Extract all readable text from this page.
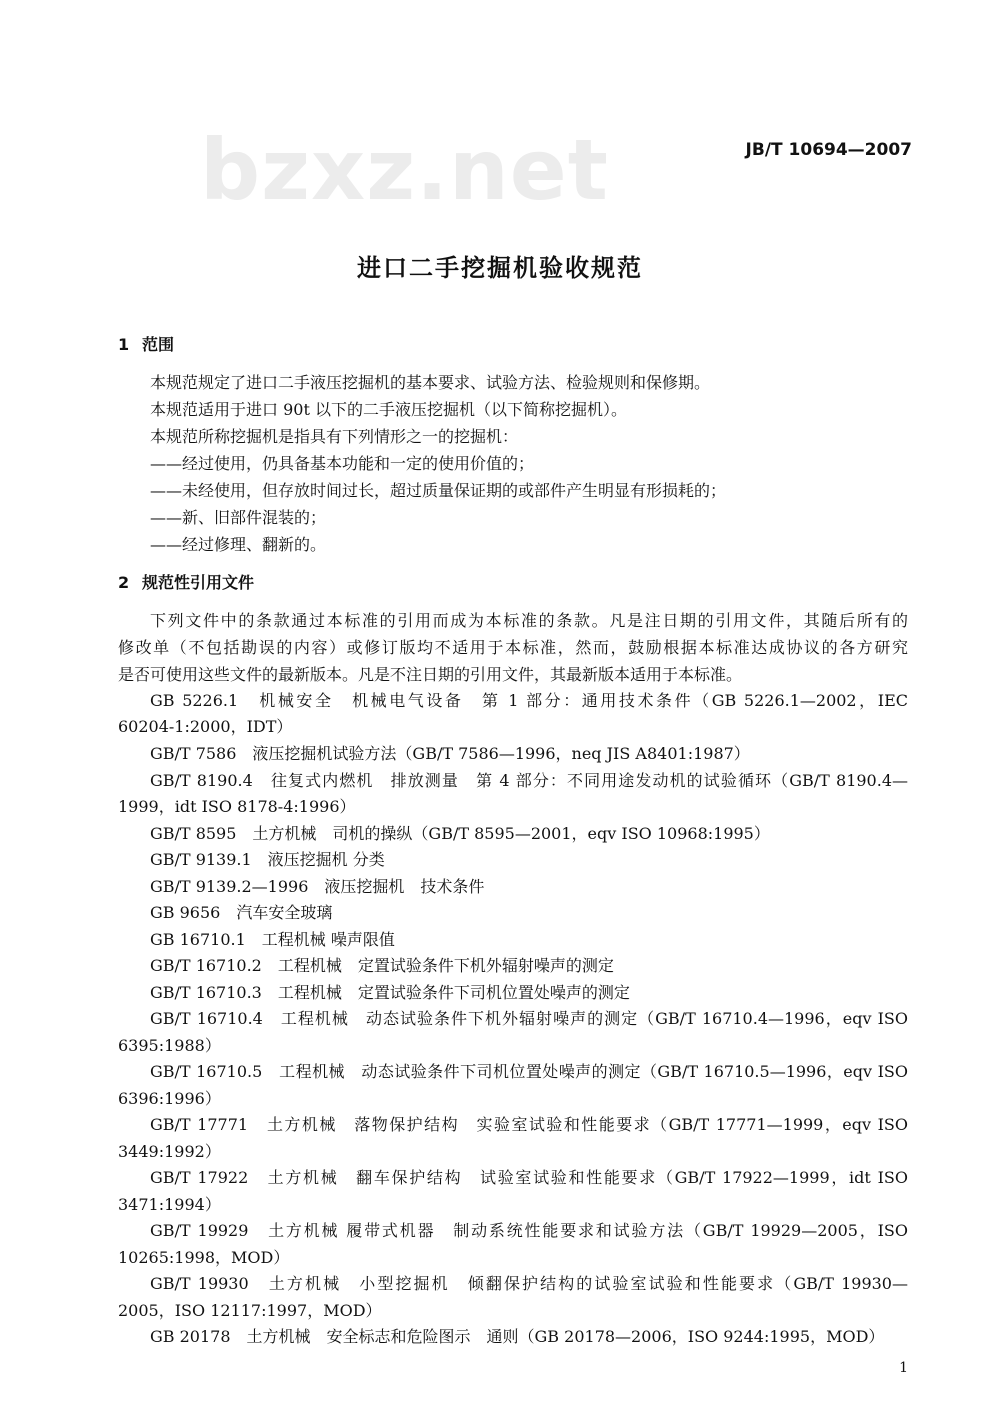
bzxz.net	JB/T 10694—2007
进口二手挖掘机验收规范
1 范围
本规范规定了进口二手液压挖掘机的基本要求、试验方法、检验规则和保修期。
本规范适用于进口 90t 以下的二手液压挖掘机（以下简称挖掘机）。
本规范所称挖掘机是指具有下列情形之一的挖掘机：
——经过使用，仍具备基本功能和一定的使用价值的；
——未经使用，但存放时间过长，超过质量保证期的或部件产生明显有形损耗的；
——新、旧部件混装的；
——经过修理、翻新的。
2 规范性引用文件
下列文件中的条款通过本标准的引用而成为本标准的条款。凡是注日期的引用文件，其随后所有的
修改单（不包括勘误的内容）或修订版均不适用于本标准，然而，鼓励根据本标准达成协议的各方研究
是否可使用这些文件的最新版本。凡是不注日期的引用文件，其最新版本适用于本标准。
GB 5226.1　机械安全　机械电气设备　第 1 部分：通用技术条件（GB 5226.1—2002，IEC
60204-1:2000，IDT）
GB/T 7586　液压挖掘机试验方法（GB/T 7586—1996，neq JIS A8401:1987）
GB/T 8190.4　往复式内燃机　排放测量　第 4 部分：不同用途发动机的试验循环（GB/T 8190.4—
1999，idt ISO 8178-4:1996）
GB/T 8595　土方机械　司机的操纵（GB/T 8595—2001，eqv ISO 10968:1995）
GB/T 9139.1　液压挖掘机 分类
GB/T 9139.2—1996　液压挖掘机　技术条件
GB 9656　汽车安全玻璃
GB 16710.1　工程机械 噪声限值
GB/T 16710.2　工程机械　定置试验条件下机外辐射噪声的测定
GB/T 16710.3　工程机械　定置试验条件下司机位置处噪声的测定
GB/T 16710.4　工程机械　动态试验条件下机外辐射噪声的测定（GB/T 16710.4—1996，eqv ISO
6395:1988）
GB/T 16710.5　工程机械　动态试验条件下司机位置处噪声的测定（GB/T 16710.5—1996，eqv ISO
6396:1996）
GB/T 17771　土方机械　落物保护结构　实验室试验和性能要求（GB/T 17771—1999，eqv ISO
3449:1992）
GB/T 17922　土方机械　翻车保护结构　试验室试验和性能要求（GB/T 17922—1999，idt ISO
3471:1994）
GB/T 19929　土方机械 履带式机器　制动系统性能要求和试验方法（GB/T 19929—2005，ISO
10265:1998，MOD）
GB/T 19930　土方机械　小型挖掘机　倾翻保护结构的试验室试验和性能要求（GB/T 19930—
2005，ISO 12117:1997，MOD）
GB 20178　土方机械　安全标志和危险图示　通则（GB 20178—2006，ISO 9244:1995，MOD）
1
